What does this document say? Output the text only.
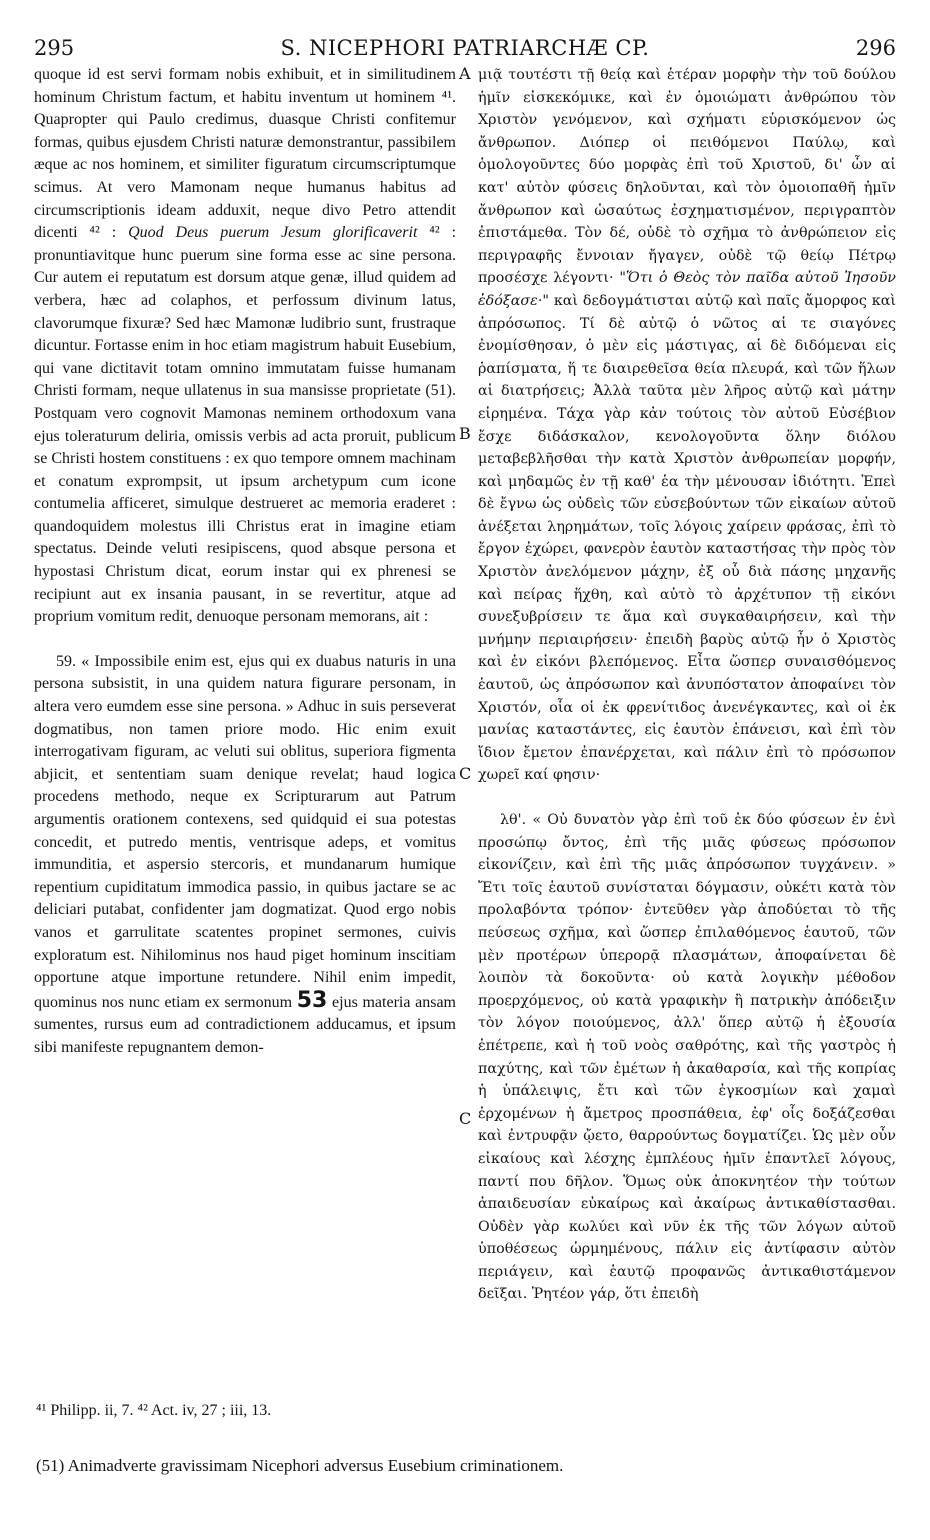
295	S. NICEPHORI PATRIARCHÆ CP.	296

quoque id est servi formam nobis exhibuit, et in similitudinem hominum Christum factum, et habitu inventum ut hominem ⁴¹. Quapropter qui Paulo credimus, duasque Christi confitemur formas, quibus ejusdem Christi naturæ demonstrantur, passibilem æque ac nos hominem, et similiter figuratum circumscriptumque scimus. At vero Mamonam neque humanus habitus ad circumscriptionis ideam adduxit, neque divo Petro attendit dicenti ⁴² : Quod Deus puerum Jesum glorificaverit ⁴² : pronuntiavitque hunc puerum sine forma esse ac sine persona. Cur autem ei reputatum est dorsum atque genæ, illud quidem ad verbera, hæc ad colaphos, et perfossum divinum latus, clavorumque fixuræ? Sed hæc Mamonæ ludibrio sunt, frustraque dicuntur. Fortasse enim in hoc etiam magistrum habuit Eusebium, qui vane dictitavit totam omnino immutatam fuisse humanam Christi formam, neque ullatenus in sua mansisse proprietate (51). Postquam vero cognovit Mamonas neminem orthodoxum vana ejus toleraturum deliria, omissis verbis ad acta proruit, publicum se Christi hostem constituens : ex quo tempore omnem machinam et conatum exprompsit, ut ipsum archetypum cum icone contumelia afficeret, simulque destrueret ac memoria eraderet : quandoquidem molestus illi Christus erat in imagine etiam spectatus. Deinde veluti resipiscens, quod absque persona et hypostasi Christum dicat, eorum instar qui ex phrenesi se recipiunt aut ex insania pausant, in se revertitur, atque ad proprium vomitum redit, denuoque personam memorans, ait :

59. « Impossibile enim est, ejus qui ex duabus naturis in una persona subsistit, in una quidem natura figurare personam, in altera vero eumdem esse sine persona. » Adhuc in suis perseverat dogmatibus, non tamen priore modo. Hic enim exuit interrogativam figuram, ac veluti sui oblitus, superiora figmenta abjicit, et sententiam suam denique revelat; haud logica procedens methodo, neque ex Scripturarum aut Patrum argumentis orationem contexens, sed quidquid ei sua potestas concedit, et putredo mentis, ventrisque adeps, et vomitus immunditia, et aspersio stercoris, et mundanarum humique repentium cupiditatum immodica passio, in quibus jactare se ac deliciari putabat, confidenter jam dogmatizat. Quod ergo nobis vanos et garrulitate scatentes propinet sermones, cuivis exploratum est. Nihilominus nos haud piget hominum inscitiam opportune atque importune retundere. Nihil enim impedit, quominus nos nunc etiam ex sermonum 53 ejus materia ansam sumentes, rursus eum ad contradictionem adducamus, et ipsum sibi manifeste repugnantem demon-

A
B
C
C

μιᾷ τουτέστι τῇ θείᾳ καὶ ἑτέραν μορφὴν τὴν τοῦ δούλου ἡμῖν εἰσκεκόμικε, καὶ ἐν ὁμοιώματι ἀνθρώπου τὸν Χριστὸν γενόμενον, καὶ σχήματι εὑρισκόμενον ὡς ἄνθρωπον. Διόπερ οἱ πειθόμενοι Παύλῳ, καὶ ὁμολογοῦντες δύο μορφὰς ἐπὶ τοῦ Χριστοῦ, δι' ὧν αἱ κατ' αὐτὸν φύσεις δηλοῦνται, καὶ τὸν ὁμοιοπαθῆ ἡμῖν ἄνθρωπον καὶ ὡσαύτως ἐσχηματισμένον, περιγραπτὸν ἐπιστάμεθα. Τὸν δέ, οὐδὲ τὸ σχῆμα τὸ ἀνθρώπειον εἰς περιγραφῆς ἔννοιαν ἤγαγεν, οὐδὲ τῷ θείῳ Πέτρῳ προσέσχε λέγοντι· "Ὅτι ὁ Θεὸς τὸν παῖδα αὐτοῦ Ἰησοῦν ἐδόξασε·" καὶ δεδογμάτισται αὐτῷ καὶ παῖς ἄμορφος καὶ ἀπρόσωπος. Τί δὲ αὐτῷ ὁ νῶτος αἱ τε σιαγόνες ἐνομίσθησαν, ὁ μὲν εἰς μάστιγας, αἱ δὲ διδόμεναι εἰς ῥαπίσματα, ἥ τε διαιρεθεῖσα θεία πλευρά, καὶ τῶν ἥλων αἱ διατρήσεις; Ἀλλὰ ταῦτα μὲν λῆρος αὐτῷ καὶ μάτην εἰρημένα. Τάχα γὰρ κἀν τούτοις τὸν αὐτοῦ Εὐσέβιον ἔσχε διδάσκαλον, κενολογοῦντα ὅλην διόλου μεταβεβλῆσθαι τὴν κατὰ Χριστὸν ἀνθρωπείαν μορφήν, καὶ μηδαμῶς ἐν τῇ καθ' ἑα τὴν μένουσαν ἰδιότητι. Ἐπεὶ δὲ ἔγνω ὡς οὐδεὶς τῶν εὐσεβούντων τῶν εἰκαίων αὐτοῦ ἀνέξεται ληρημάτων, τοῖς λόγοις χαίρειν φράσας, ἐπὶ τὸ ἔργον ἐχώρει, φανερὸν ἑαυτὸν καταστήσας τὴν πρὸς τὸν Χριστὸν ἀνελόμενον μάχην, ἐξ οὗ διὰ πάσης μηχανῆς καὶ πείρας ἥχθη, καὶ αὐτὸ τὸ ἀρχέτυπον τῇ εἰκόνι συνεξυβρίσειν τε ἅμα καὶ συγκαθαιρήσειν, καὶ τὴν μνήμην περιαιρήσειν· ἐπειδὴ βαρὺς αὐτῷ ἦν ὁ Χριστὸς καὶ ἐν εἰκόνι βλεπόμενος. Εἶτα ὥσπερ συναισθόμενος ἑαυτοῦ, ὡς ἀπρόσωπον καὶ ἀνυπόστατον ἀποφαίνει τὸν Χριστόν, οἷα οἱ ἐκ φρενίτιδος ἀνενέγκαντες, καὶ οἱ ἐκ μανίας καταστάντες, εἰς ἑαυτὸν ἐπάνεισι, καὶ ἐπὶ τὸν ἴδιον ἔμετον ἐπανέρχεται, καὶ πάλιν ἐπὶ τὸ πρόσωπον χωρεῖ καί φησιν·

λθ'. « Οὐ δυνατὸν γὰρ ἐπὶ τοῦ ἐκ δύο φύσεων ἐν ἑνὶ προσώπῳ ὄντος, ἐπὶ τῆς μιᾶς φύσεως πρόσωπον εἰκονίζειν, καὶ ἐπὶ τῆς μιᾶς ἀπρόσωπον τυγχάνειν. » Ἔτι τοῖς ἑαυτοῦ συνίσταται δόγμασιν, οὐκέτι κατὰ τὸν προλαβόντα τρόπον· ἐντεῦθεν γὰρ ἀποδύεται τὸ τῆς πεύσεως σχῆμα, καὶ ὥσπερ ἐπιλαθόμενος ἑαυτοῦ, τῶν μὲν προτέρων ὑπερορᾷ πλασμάτων, ἀποφαίνεται δὲ λοιπὸν τὰ δοκοῦντα· οὐ κατὰ λογικὴν μέθοδον προερχόμενος, οὐ κατὰ γραφικὴν ἢ πατρικὴν ἀπόδειξιν τὸν λόγον ποιούμενος, ἀλλ' ὅπερ αὐτῷ ἡ ἐξουσία ἐπέτρεπε, καὶ ἡ τοῦ νοὸς σαθρότης, καὶ τῆς γαστρὸς ἡ παχύτης, καὶ τῶν ἐμέτων ἡ ἀκαθαρσία, καὶ τῆς κοπρίας ἡ ὑπάλειψις, ἔτι καὶ τῶν ἐγκοσμίων καὶ χαμαὶ ἐρχομένων ἡ ἄμετρος προσπάθεια, ἐφ' οἷς δοξάζεσθαι καὶ ἐντρυφᾷν ᾤετο, θαρρούντως δογματίζει. Ὡς μὲν οὖν εἰκαίους καὶ λέσχης ἐμπλέους ἡμῖν ἐπαντλεῖ λόγους, παντί που δῆλον. Ὅμως οὐκ ἀποκνητέον τὴν τούτων ἀπαιδευσίαν εὐκαίρως καὶ ἀκαίρως ἀντικαθίστασθαι. Οὐδὲν γὰρ κωλύει καὶ νῦν ἐκ τῆς τῶν λόγων αὐτοῦ ὑποθέσεως ὡρμημένους, πάλιν εἰς ἀντίφασιν αὐτὸν περιάγειν, καὶ ἑαυτῷ προφανῶς ἀντικαθιστάμενον δεῖξαι. Ῥητέον γάρ, ὅτι ἐπειδὴ

⁴¹ Philipp. ii, 7. ⁴² Act. iv, 27 ; iii, 13.
(51) Animadverte gravissimam Nicephori adversus Eusebium criminationem.
